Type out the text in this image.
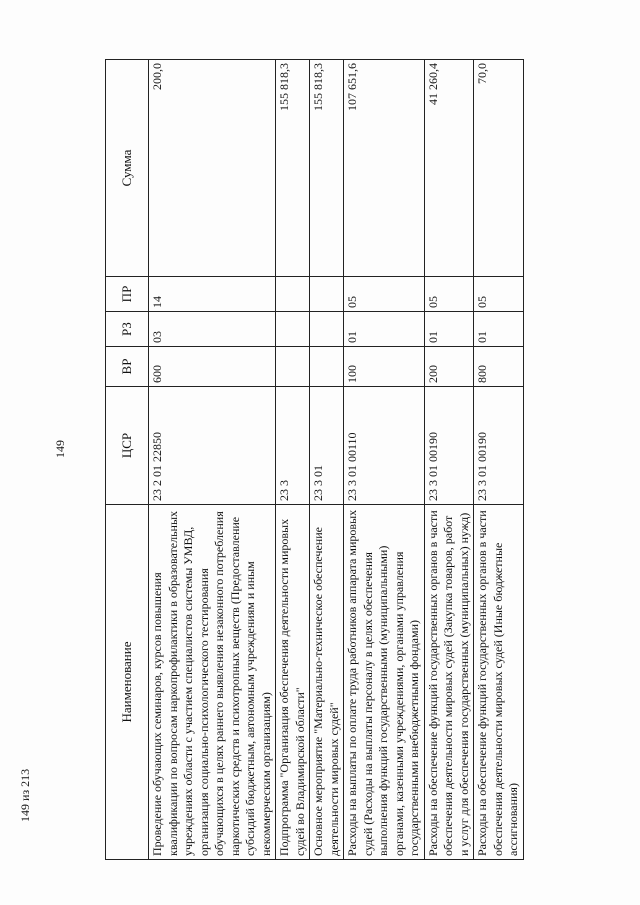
149
149 из 213
Наименование	ЦСР	ВР	РЗ	ПР	Сумма
Проведение обучающих семинаров, курсов повышения квалификации по вопросам наркопрофилактики в образовательных учреждениях области с участием специалистов системы УМВД, организация социально-психологического тестирования обучающихся в целях раннего выявления незаконного потребления наркотических средств и психотропных веществ (Предоставление субсидий бюджетным, автономным учреждениям и иным некоммерческим организациям)	23 2 01 22850	600	03	14	200,0
Подпрограмма "Организация обеспечения деятельности мировых судей во Владимирской области"	23 3				155 818,3
Основное мероприятие "Материально-техническое обеспечение деятельности мировых судей"	23 3 01				155 818,3
Расходы на выплаты по оплате труда работников аппарата мировых судей (Расходы на выплаты персоналу в целях обеспечения выполнения функций государственными (муниципальными) органами, казенными учреждениями, органами управления государственными внебюджетными фондами)	23 3 01 00110	100	01	05	107 651,6
Расходы на обеспечение функций государственных органов в части обеспечения деятельности мировых судей (Закупка товаров, работ и услуг для обеспечения государственных (муниципальных) нужд)	23 3 01 00190	200	01	05	41 260,4
Расходы на обеспечение функций государственных органов в части обеспечения деятельности мировых судей (Иные бюджетные ассигнования)	23 3 01 00190	800	01	05	70,0
